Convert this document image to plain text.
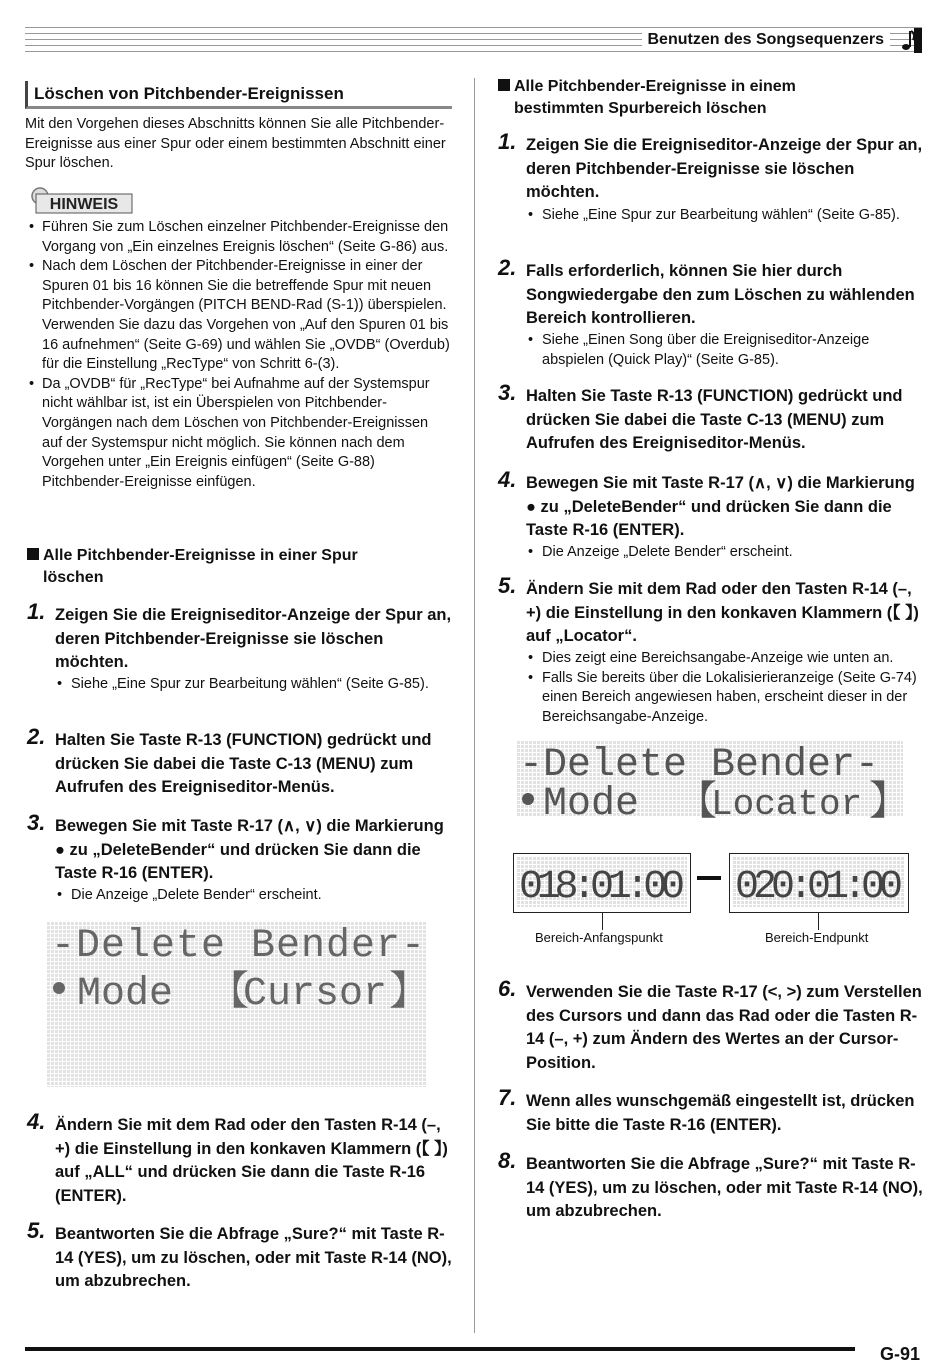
Benutzen des Songsequenzers
Löschen von Pitchbender-Ereignissen
Mit den Vorgehen dieses Abschnitts können Sie alle Pitchbender-Ereignisse aus einer Spur oder einem bestimmten Abschnitt einer Spur löschen.
HINWEIS
• Führen Sie zum Löschen einzelner Pitchbender-Ereignisse den Vorgang von „Ein einzelnes Ereignis löschen“ (Seite G-86) aus.
• Nach dem Löschen der Pitchbender-Ereignisse in einer der Spuren 01 bis 16 können Sie die betreffende Spur mit neuen Pitchbender-Vorgängen (PITCH BEND-Rad (S-1)) überspielen. Verwenden Sie dazu das Vorgehen von „Auf den Spuren 01 bis 16 aufnehmen“ (Seite G-69) und wählen Sie „OVDB“ (Overdub) für die Einstellung „RecType“ von Schritt 6-(3).
• Da „OVDB“ für „RecType“ bei Aufnahme auf der Systemspur nicht wählbar ist, ist ein Überspielen von Pitchbender-Vorgängen nach dem Löschen von Pitchbender-Ereignissen auf der Systemspur nicht möglich. Sie können nach dem Vorgehen unter „Ein Ereignis einfügen“ (Seite G-88) Pitchbender-Ereignisse einfügen.
Alle Pitchbender-Ereignisse in einer Spur
löschen
1. Zeigen Sie die Ereigniseditor-Anzeige der Spur an, deren Pitchbender-Ereignisse sie löschen möchten.
• Siehe „Eine Spur zur Bearbeitung wählen“ (Seite G-85).
2. Halten Sie Taste R-13 (FUNCTION) gedrückt und drücken Sie dabei die Taste C-13 (MENU) zum Aufrufen des Ereigniseditor-Menüs.
3. Bewegen Sie mit Taste R-17 (∧, ∨) die Markierung ● zu „DeleteBender“ und drücken Sie dann die Taste R-16 (ENTER).
• Die Anzeige „Delete Bender“ erscheint.
-Delete Bender-
Mode 【
Cursor 】
4. Ändern Sie mit dem Rad oder den Tasten R-14 (–, +) die Einstellung in den konkaven Klammern (【 】) auf „ALL“ und drücken Sie dann die Taste R-16 (ENTER).
5. Beantworten Sie die Abfrage „Sure?“ mit Taste R-14 (YES), um zu löschen, oder mit Taste R-14 (NO), um abzubrechen.
Alle Pitchbender-Ereignisse in einem
bestimmten Spurbereich löschen
1. Zeigen Sie die Ereigniseditor-Anzeige der Spur an, deren Pitchbender-Ereignisse sie löschen möchten.
• Siehe „Eine Spur zur Bearbeitung wählen“ (Seite G-85).
2. Falls erforderlich, können Sie hier durch Songwiedergabe den zum Löschen zu wählenden Bereich kontrollieren.
• Siehe „Einen Song über die Ereigniseditor-Anzeige abspielen (Quick Play)“ (Seite G-85).
3. Halten Sie Taste R-13 (FUNCTION) gedrückt und drücken Sie dabei die Taste C-13 (MENU) zum Aufrufen des Ereigniseditor-Menüs.
4. Bewegen Sie mit Taste R-17 (∧, ∨) die Markierung ● zu „DeleteBender“ und drücken Sie dann die Taste R-16 (ENTER).
• Die Anzeige „Delete Bender“ erscheint.
5. Ändern Sie mit dem Rad oder den Tasten R-14 (–, +) die Einstellung in den konkaven Klammern (【 】) auf „Locator“.
• Dies zeigt eine Bereichsangabe-Anzeige wie unten an.
• Falls Sie bereits über die Lokalisierieranzeige (Seite G-74) einen Bereich angewiesen haben, erscheint dieser in der Bereichsangabe-Anzeige.
-Delete Bender-
Mode 【
Locator 】
018:01:00 020:01:00
Bereich-Anfangspunkt	Bereich-Endpunkt
6. Verwenden Sie die Taste R-17 (<, >) zum Verstellen des Cursors und dann das Rad oder die Tasten R-14 (–, +) zum Ändern des Wertes an der Cursor-Position.
7. Wenn alles wunschgemäß eingestellt ist, drücken Sie bitte die Taste R-16 (ENTER).
8. Beantworten Sie die Abfrage „Sure?“ mit Taste R-14 (YES), um zu löschen, oder mit Taste R-14 (NO), um abzubrechen.
G-91
